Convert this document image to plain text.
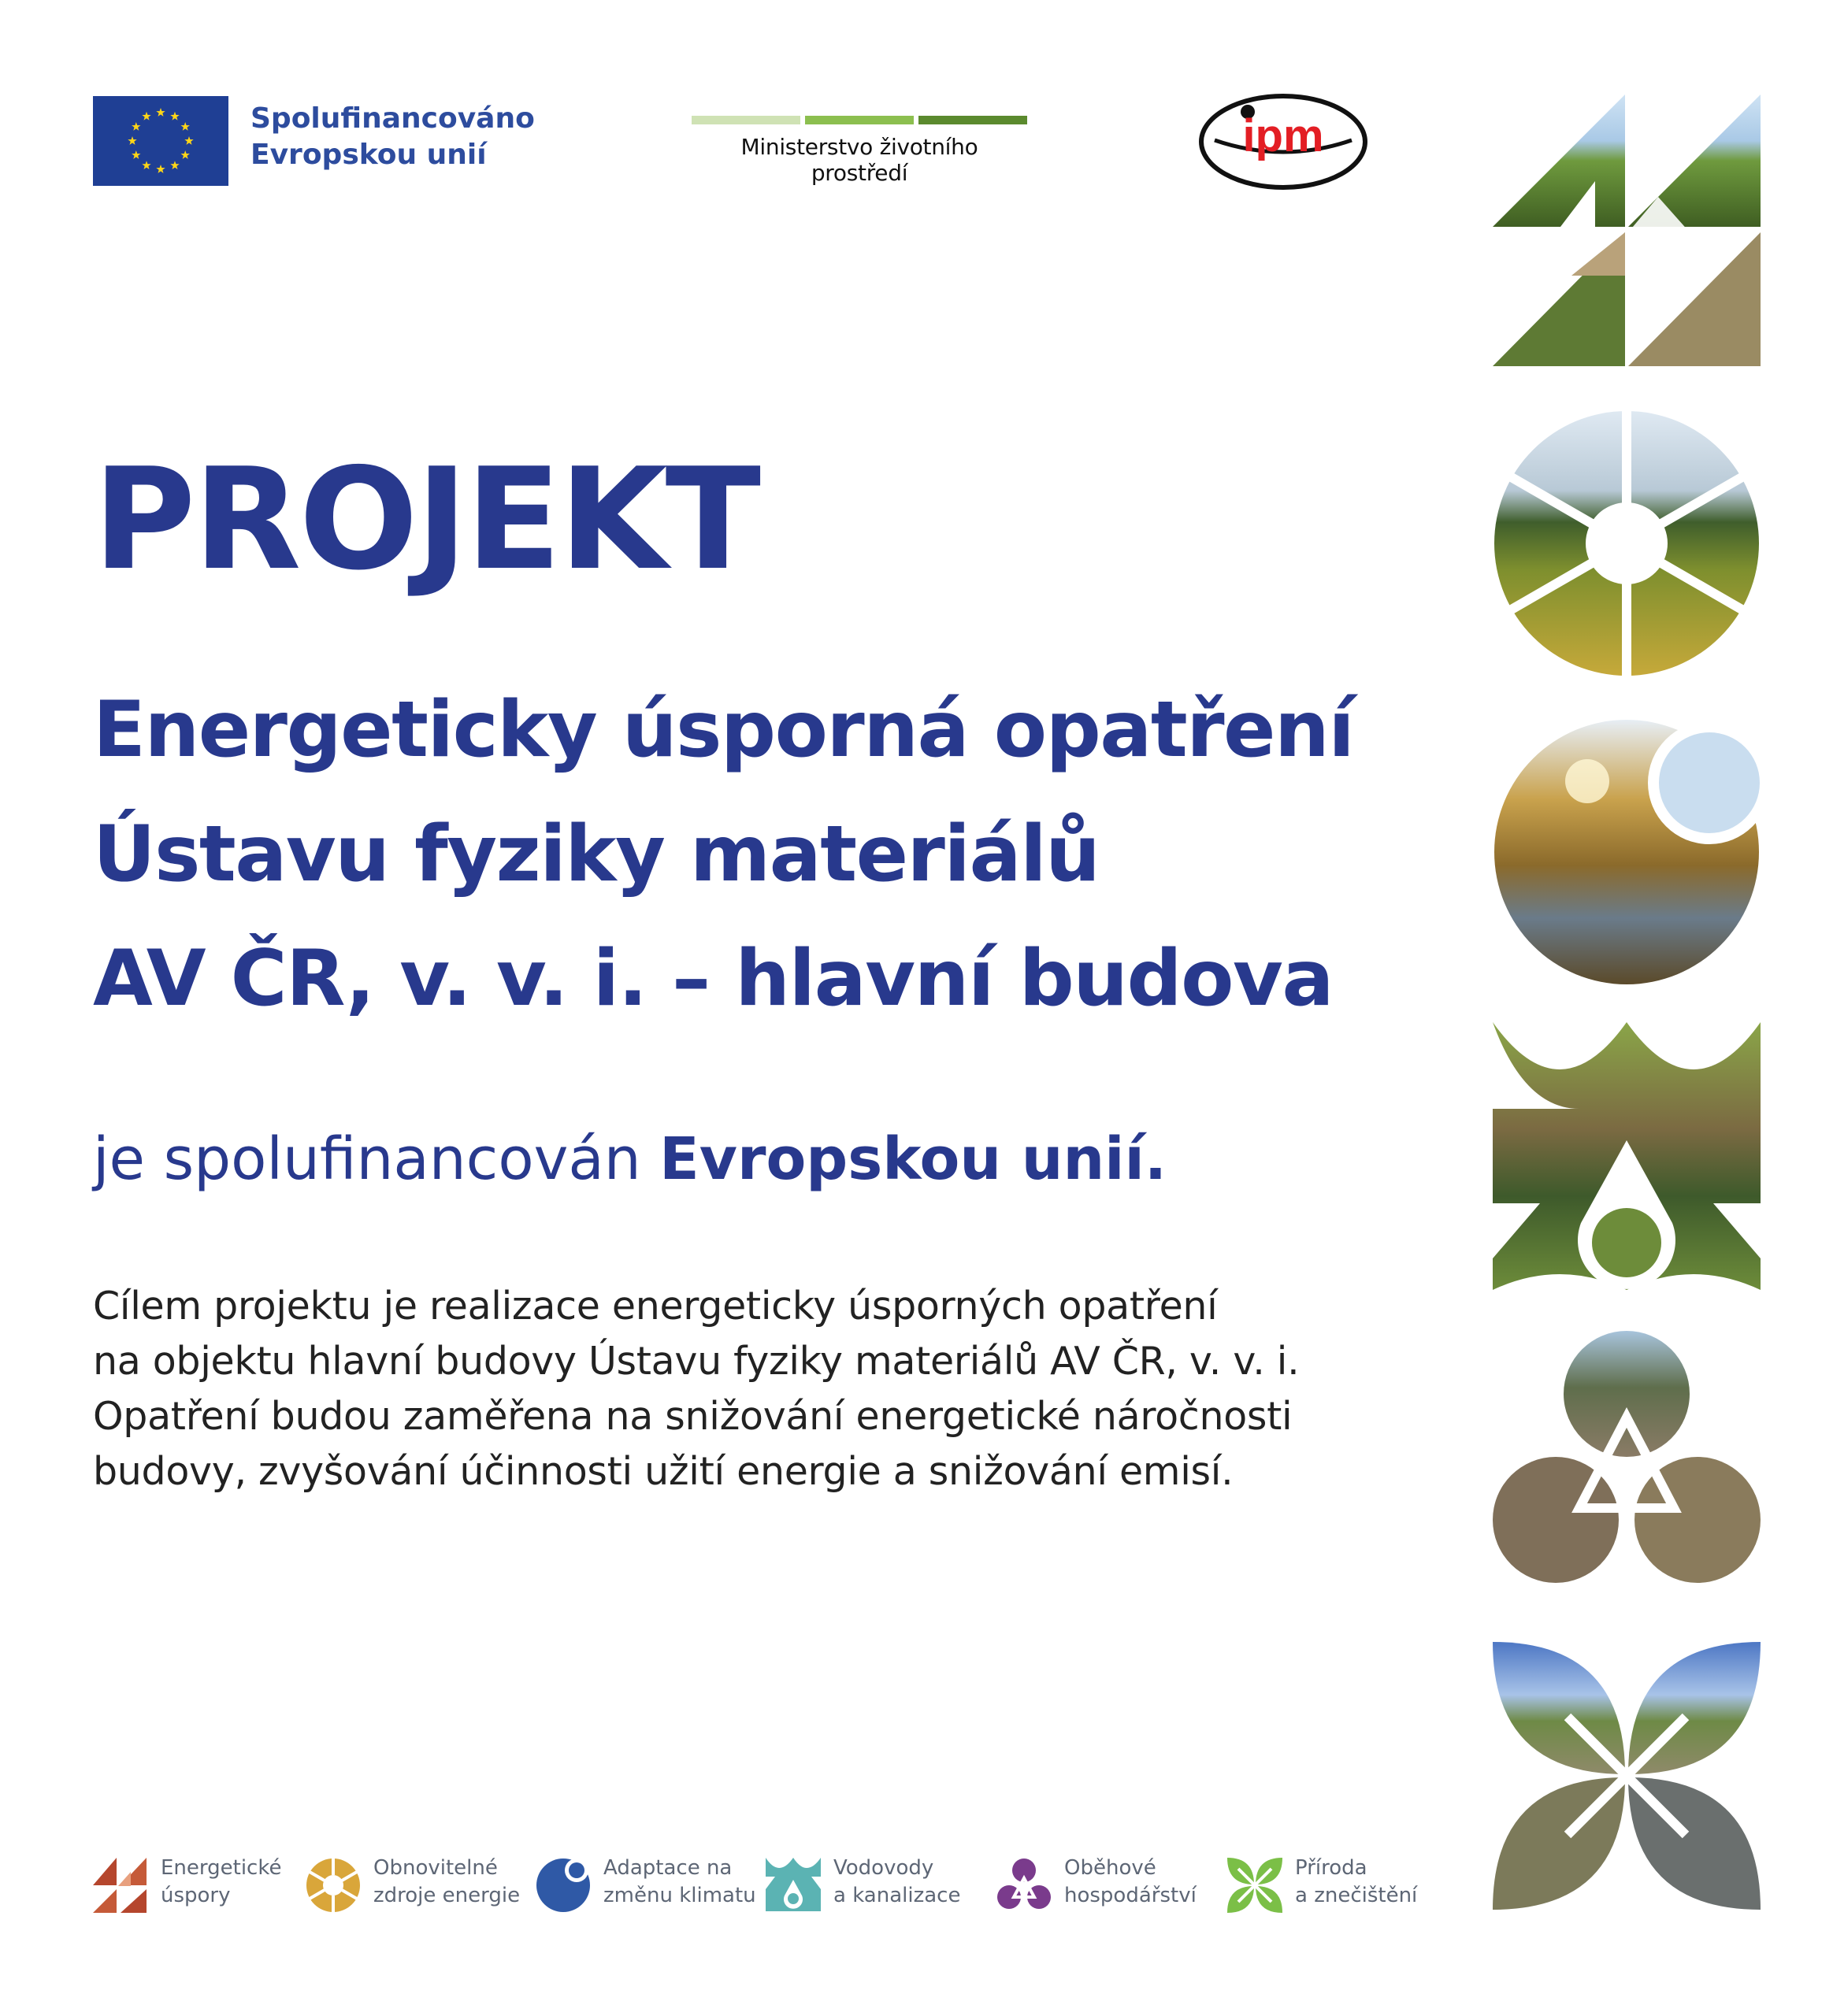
Spolufinancováno
Evropskou unií	Ministerstvo životního prostředí
ipm
PROJEKT
Energeticky úsporná opatření
Ústavu fyziky materiálů
AV ČR, v. v. i. – hlavní budova
je spolufinancován Evropskou unií.
Cílem projektu je realizace energeticky úsporných opatření
na objektu hlavní budovy Ústavu fyziky materiálů AV ČR, v. v. i.
Opatření budou zaměřena na snižování energetické náročnosti
budovy, zvyšování účinnosti užití energie a snižování emisí.
Energetické
úspory
Obnovitelné
zdroje energie
Adaptace na
změnu klimatu
Vodovody
a kanalizace
Oběhové
hospodářství
Příroda
a znečištění
